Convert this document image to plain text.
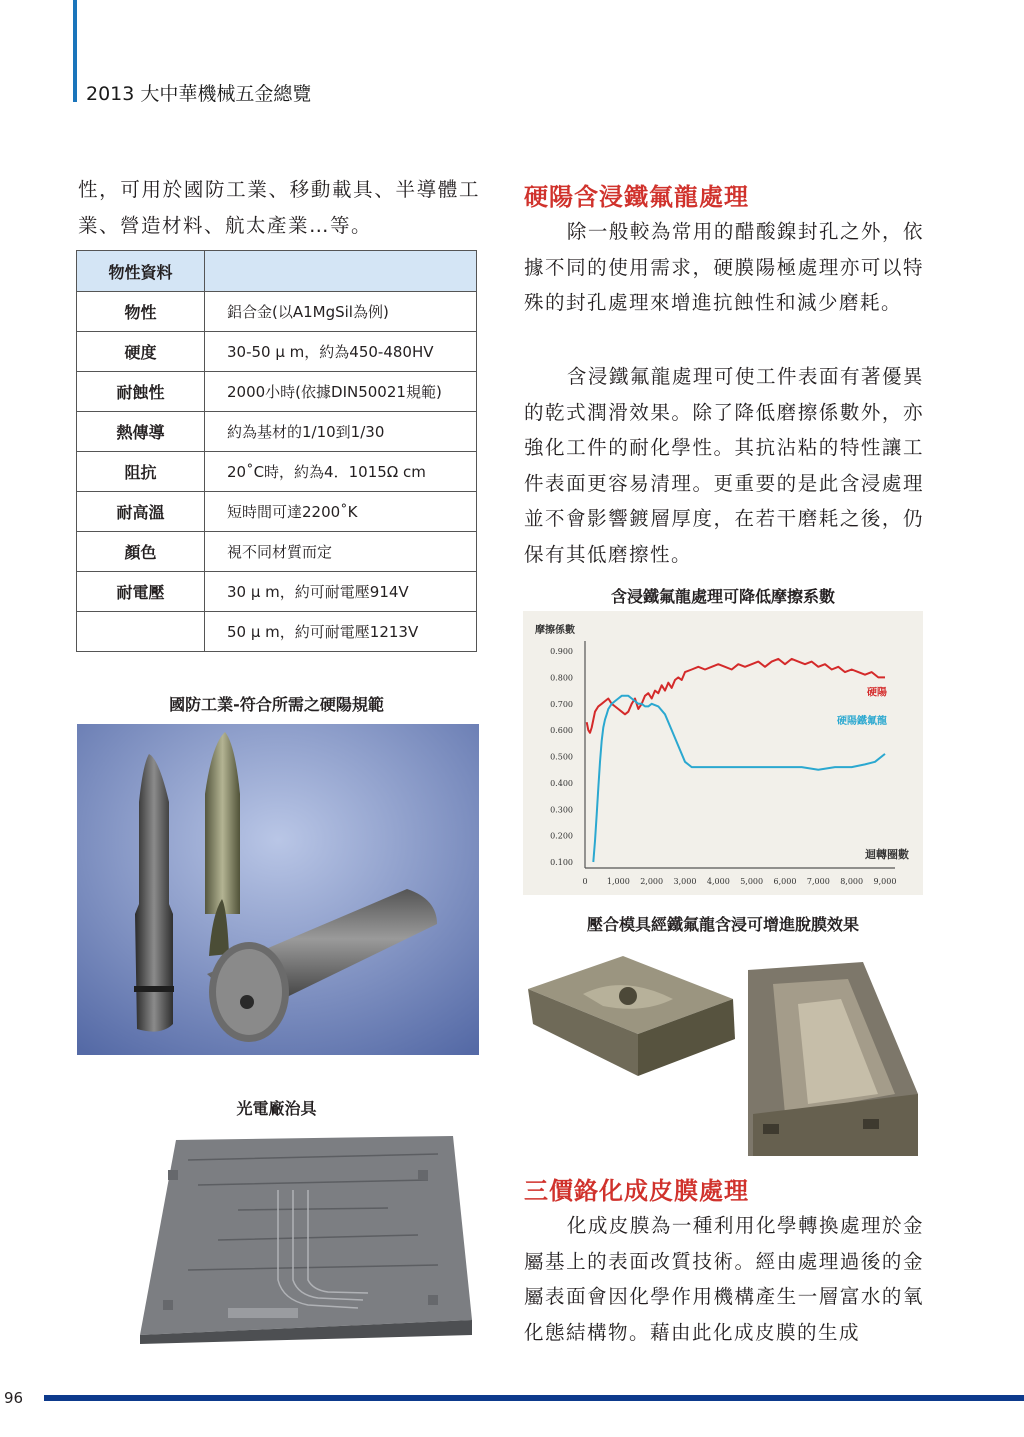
2013 大中華機械五金總覽

性，可用於國防工業、移動載具、半導體工業、營造材料、航太產業…等。

物性資料	
物性	鋁合金(以A1MgSil為例)
硬度	30-50 μ m，約為450-480HV
耐蝕性	2000小時(依據DIN50021規範)
熱傳導	約為基材的1/10到1/30
阻抗	20˚C時，約為4．1015Ω cm
耐高溫	短時間可達2200˚K
顏色	視不同材質而定
耐電壓	30 μ m，約可耐電壓914V
	50 μ m，約可耐電壓1213V
國防工業-符合所需之硬陽規範
光電廠治具
硬陽含浸鐵氟龍處理

除一般較為常用的醋酸鎳封孔之外，依據不同的使用需求，硬膜陽極處理亦可以特殊的封孔處理來增進抗蝕性和減少磨耗。

含浸鐵氟龍處理可使工件表面有著優異的乾式潤滑效果。除了降低磨擦係數外，亦強化工件的耐化學性。其抗沾粘的特性讓工件表面更容易清理。更重要的是此含浸處理並不會影響鍍層厚度，在若干磨耗之後，仍保有其低磨擦性。

含浸鐵氟龍處理可降低摩擦系數
摩擦係數
迴轉圈數
0.900
0.800
0.700
0.600
0.500
0.400
0.300
0.200
0.100
0 1,000 2,000 3,000 4,000 5,000 6,000 7,000 8,000 9,000
硬陽
硬陽鐵氟龍
壓合模具經鐵氟龍含浸可增進脫膜效果
三價鉻化成皮膜處理

化成皮膜為一種利用化學轉換處理於金屬基上的表面改質技術。經由處理過後的金屬表面會因化學作用機構產生一層富水的氧化態結構物。藉由此化成皮膜的生成

96
